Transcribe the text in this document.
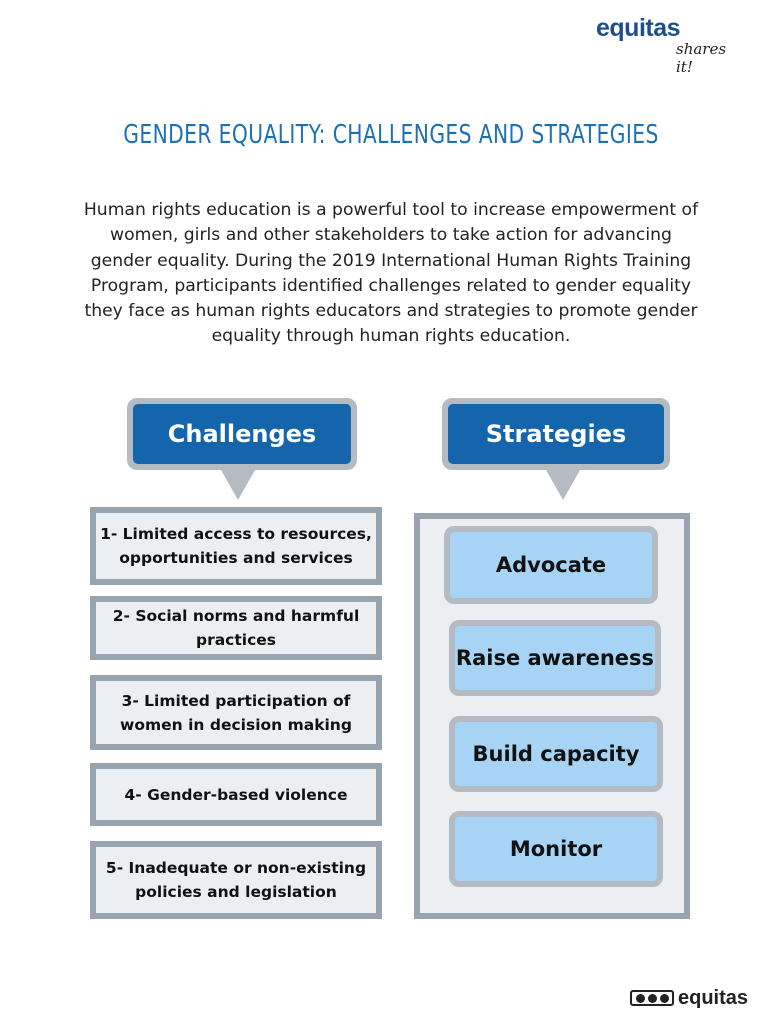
equitas
shares it!
GENDER EQUALITY: CHALLENGES AND STRATEGIES
Human rights education is a powerful tool to increase empowerment of women, girls and other stakeholders to take action for advancing gender equality. During the 2019 International Human Rights Training Program, participants identified challenges related to gender equality they face as human rights educators and strategies to promote gender equality through human rights education.
Challenges	Strategies
1- Limited access to resources, opportunities and services
2- Social norms and harmful practices
3- Limited participation of women in decision making
4- Gender-based violence
5- Inadequate or non-existing policies and legislation
Advocate
Raise awareness
Build capacity
Monitor
equitas
